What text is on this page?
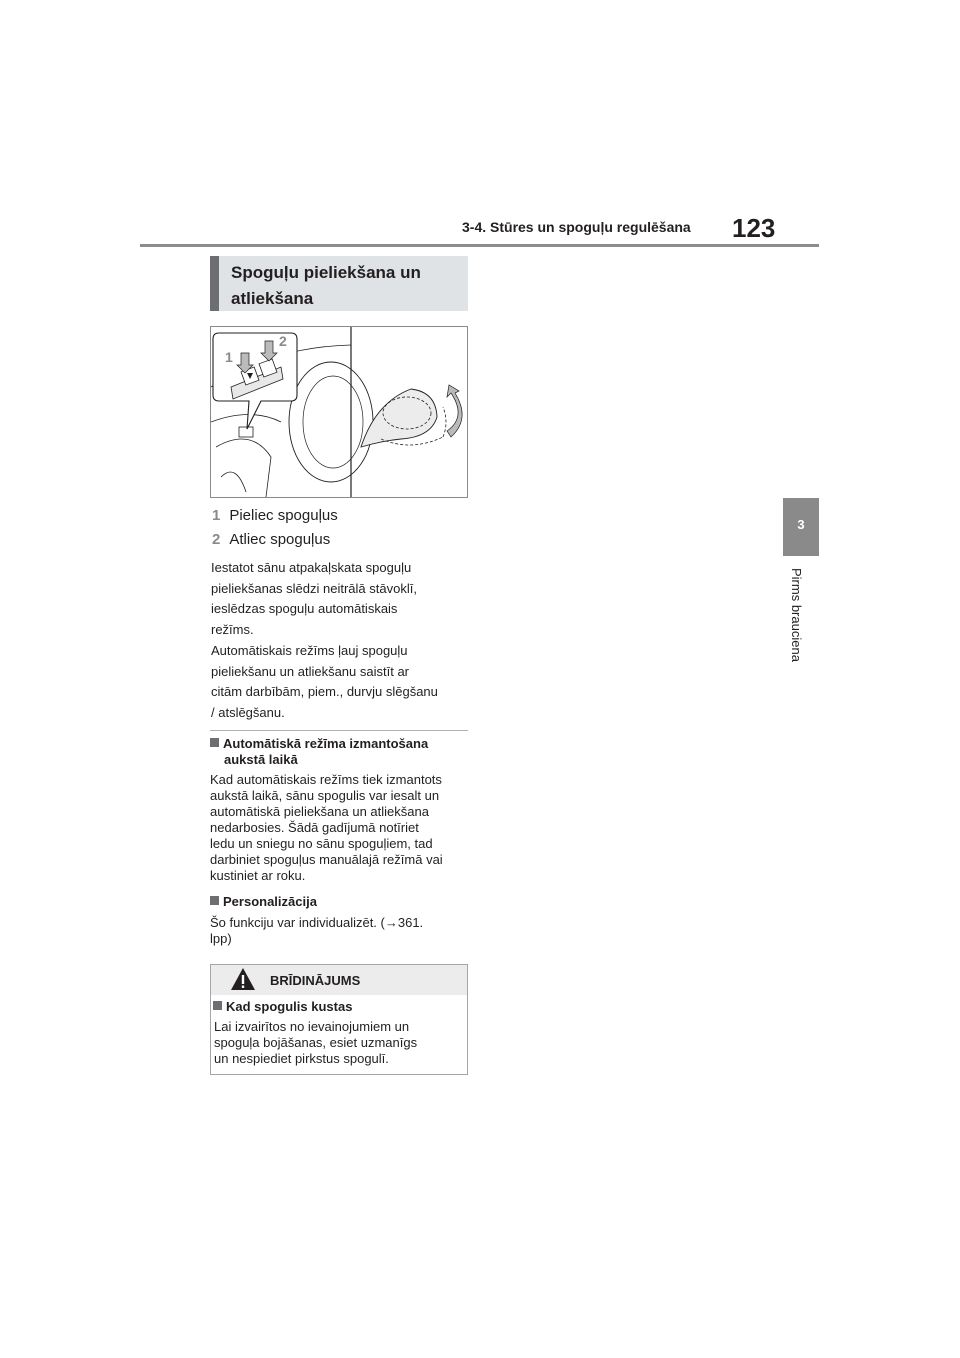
3-4. Stūres un spoguļu regulēšana 123
3
Pirms brauciena
Spoguļu pieliekšana un
atliekšana
1
2
1 Pieliec spoguļus
2 Atliec spoguļus
Iestatot sānu atpakaļskata spoguļu
pieliekšanas slēdzi neitrālā stāvoklī,
ieslēdzas spoguļu automātiskais
režīms.
Automātiskais režīms ļauj spoguļu
pieliekšanu un atliekšanu saistīt ar
citām darbībām, piem., durvju slēgšanu
/ atslēgšanu.
Automātiskā režīma izmantošana
aukstā laikā
Kad automātiskais režīms tiek izmantots
aukstā laikā, sānu spogulis var iesalt un
automātiskā pieliekšana un atliekšana
nedarbosies. Šādā gadījumā notīriet
ledu un sniegu no sānu spoguļiem, tad
darbiniet spoguļus manuālajā režīmā vai
kustiniet ar roku.
Personalizācija
Šo funkciju var individualizēt. (→361.
lpp)
BRĪDINĀJUMS
Kad spogulis kustas
Lai izvairītos no ievainojumiem un
spoguļa bojāšanas, esiet uzmanīgs
un nespiediet pirkstus spogulī.
